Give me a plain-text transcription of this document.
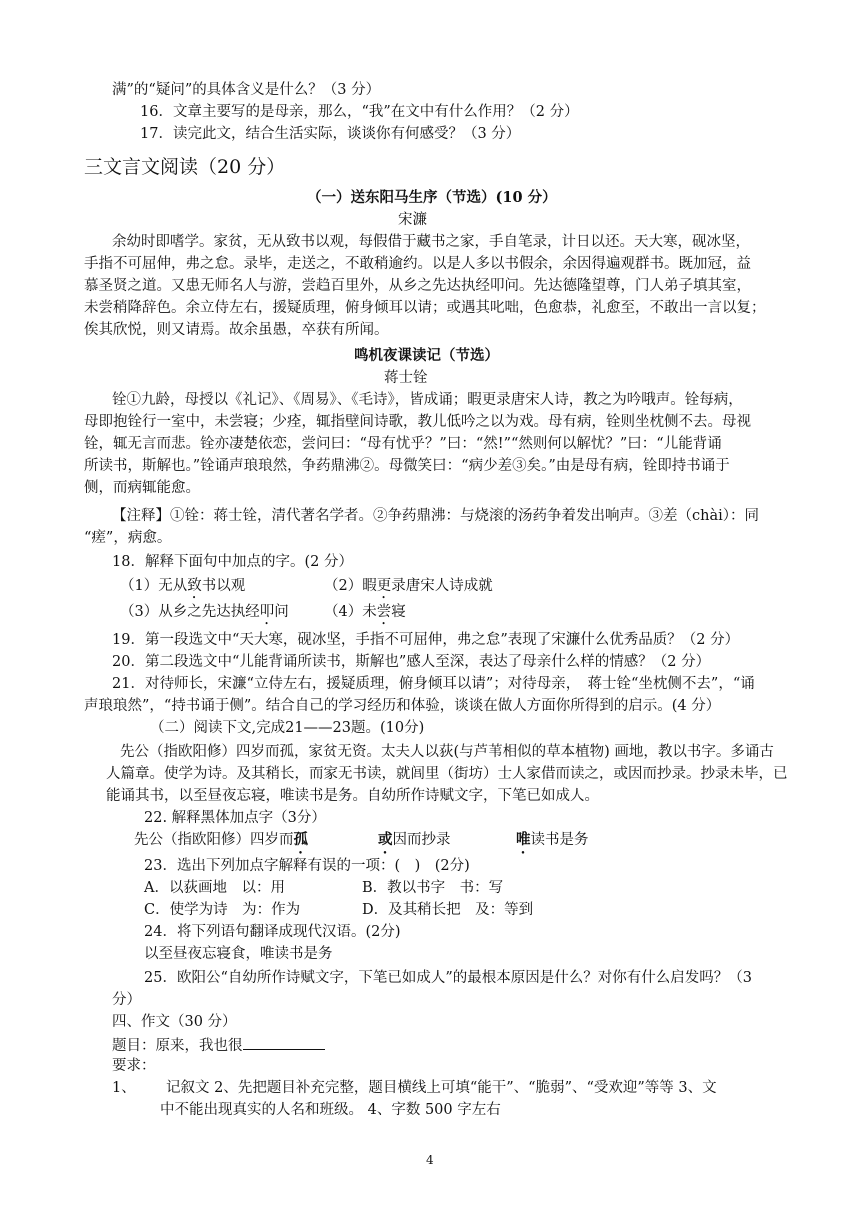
满”的“疑问”的具体含义是什么？（3 分）
16．文章主要写的是母亲，那么，“我”在文中有什么作用？（2 分）
17．读完此文，结合生活实际，谈谈你有何感受？（3 分）
三文言文阅读（20 分）
（一）送东阳马生序（节选）(10 分）
宋濂
余幼时即嗜学。家贫，无从致书以观，每假借于藏书之家，手自笔录，计日以还。天大寒，砚冰坚，
手指不可屈伸，弗之怠。录毕，走送之，不敢稍逾约。以是人多以书假余，余因得遍观群书。既加冠，益
慕圣贤之道。又患无师名人与游，尝趋百里外，从乡之先达执经叩问。先达德隆望尊，门人弟子填其室，
未尝稍降辞色。余立侍左右，援疑质理，俯身倾耳以请；或遇其叱咄，色愈恭，礼愈至，不敢出一言以复；
俟其欣悦，则又请焉。故余虽愚，卒获有所闻。
鸣机夜课读记（节选）
蒋士铨
铨①九龄，母授以《礼记》、《周易》、《毛诗》，皆成诵；暇更录唐宋人诗，教之为吟哦声。铨每病，
母即抱铨行一室中，未尝寝；少痊，辄指壁间诗歌，教儿低吟之以为戏。母有病，铨则坐枕侧不去。母视
铨，辄无言而悲。铨亦凄楚依恋，尝问曰：“母有忧乎？”曰：“然!”“然则何以解忧？”曰：“儿能背诵
所读书，斯解也。”铨诵声琅琅然，争药鼎沸②。母微笑曰：“病少差③矣。”由是母有病，铨即持书诵于
侧，而病辄能愈。
【注释】①铨：蒋士铨，清代著名学者。②争药鼎沸：与烧滚的汤药争着发出响声。③差（chài）：同
“瘥”，病愈。
18．解释下面句中加点的字。(2 分）
（1）无从致书以观	（2）暇更录唐宋人诗成就
（3）从乡之先达执经叩问 （4）未尝寝
19．第一段选文中“天大寒，砚冰坚，手指不可屈伸，弗之怠”表现了宋濂什么优秀品质？（2 分）
20．第二段选文中“儿能背诵所读书，斯解也”感人至深，表达了母亲什么样的情感？（2 分）
21．对待师长，宋濂“立侍左右，援疑质理，俯身倾耳以请”；对待母亲，　蒋士铨“坐枕侧不去”，“诵
声琅琅然”，“持书诵于侧”。结合自己的学习经历和体验，谈谈在做人方面你所得到的启示。(4 分）
（二）阅读下文,完成21——23题。(10分)
先公（指欧阳修）四岁而孤，家贫无资。太夫人以荻(与芦苇相似的草本植物) 画地，教以书字。多诵古
人篇章。使学为诗。及其稍长，而家无书读，就闾里（街坊）士人家借而读之，或因而抄录。抄录未毕，已
能诵其书，以至昼夜忘寝，唯读书是务。自幼所作诗赋文字，下笔已如成人。
22. 解释黑体加点字（3分）
先公（指欧阳修）四岁而孤	或因而抄录	唯读书是务
23．选出下列加点字解释有误的一项：(　)　(2分)
A．以荻画地　以：用	B．教以书字　书：写
C．使学为诗　为：作为	D．及其稍长把　及：等到
24．将下列语句翻译成现代汉语。(2分)
以至昼夜忘寝食，唯读书是务
25．欧阳公“自幼所作诗赋文字，下笔已如成人”的最根本原因是什么？对你有什么启发吗？（3
分）
四、作文（30 分）
题目：原来，我也很
要求：
1、 记叙文 2、先把题目补充完整，题目横线上可填“能干”、“脆弱”、“受欢迎”等等 3、文
中不能出现真实的人名和班级。 4、字数 500 字左右
4
